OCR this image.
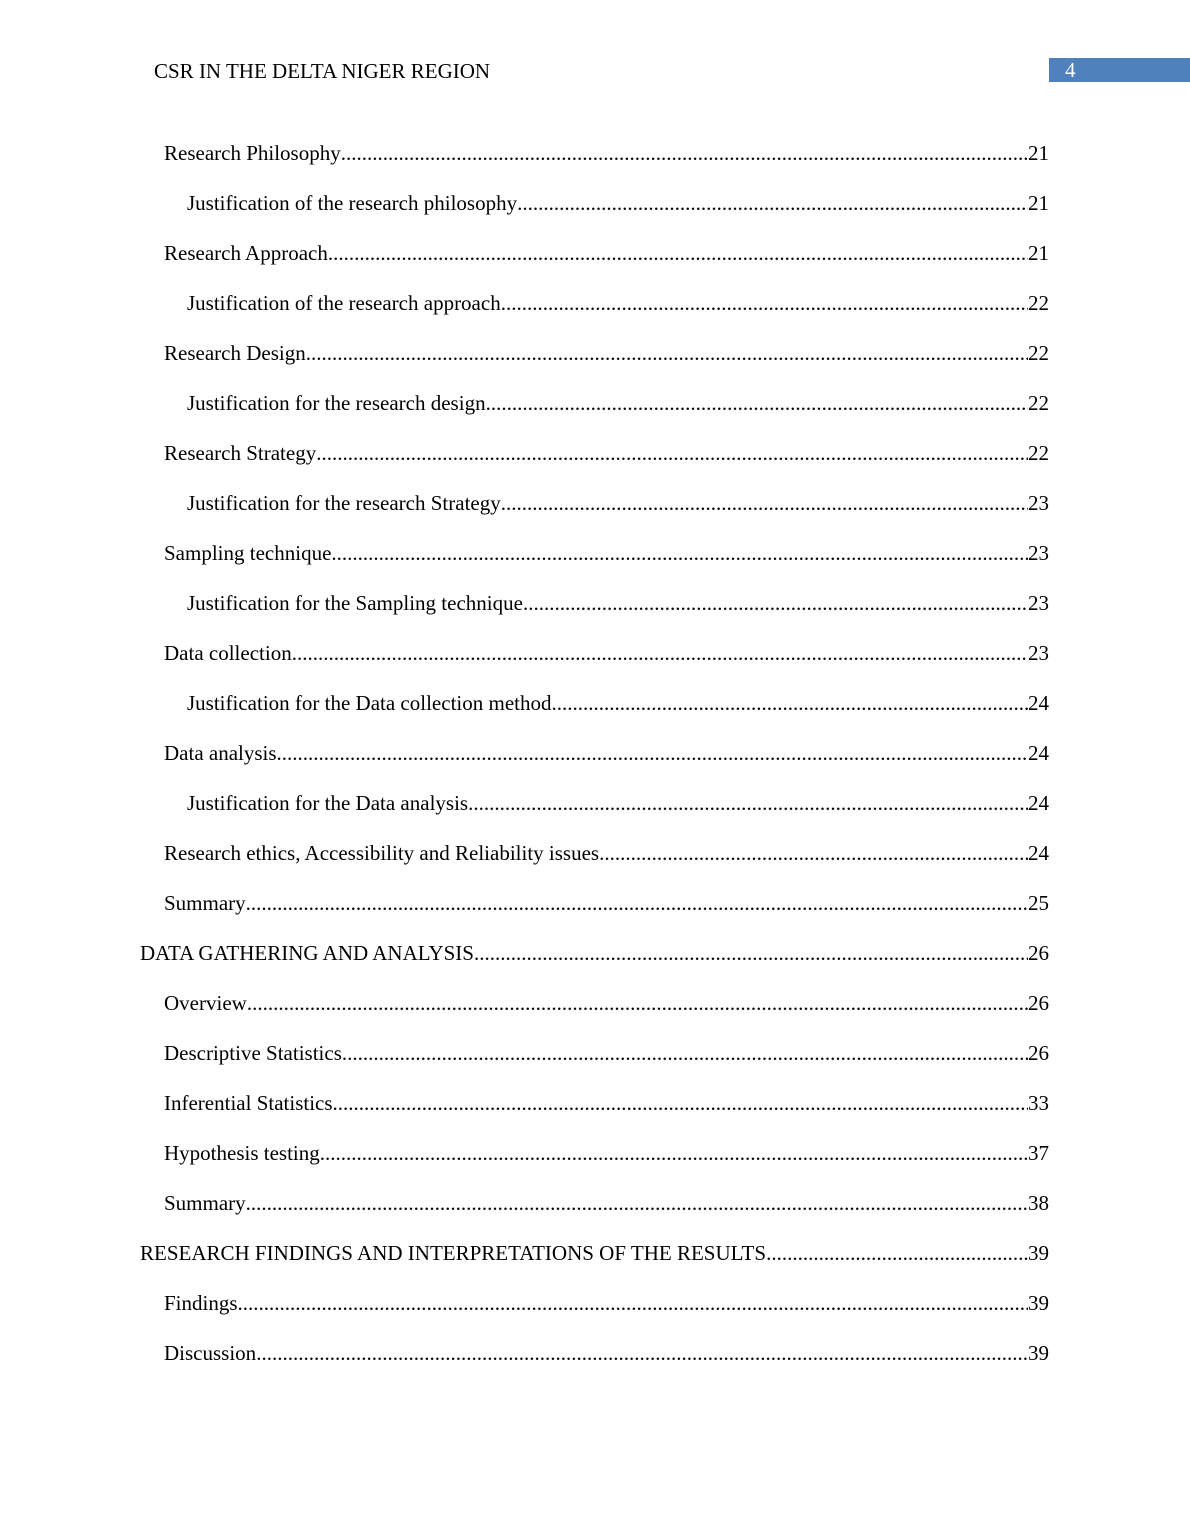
CSR IN THE DELTA NIGER REGION	4
Research Philosophy .....	21
Justification of the research philosophy .....	21
Research Approach .....	21
Justification of the research approach .....	22
Research Design .....	22
Justification for the research design .....	22
Research Strategy .....	22
Justification for the research Strategy .....	23
Sampling technique .....	23
Justification for the Sampling technique .....	23
Data collection .....	23
Justification for the Data collection method .....	24
Data analysis .....	24
Justification for the Data analysis .....	24
Research ethics, Accessibility and Reliability issues .....	24
Summary .....	25
DATA GATHERING AND ANALYSIS .....	26
Overview .....	26
Descriptive Statistics .....	26
Inferential Statistics .....	33
Hypothesis testing .....	37
Summary .....	38
RESEARCH FINDINGS AND INTERPRETATIONS OF THE RESULTS .....	39
Findings .....	39
Discussion .....	39
